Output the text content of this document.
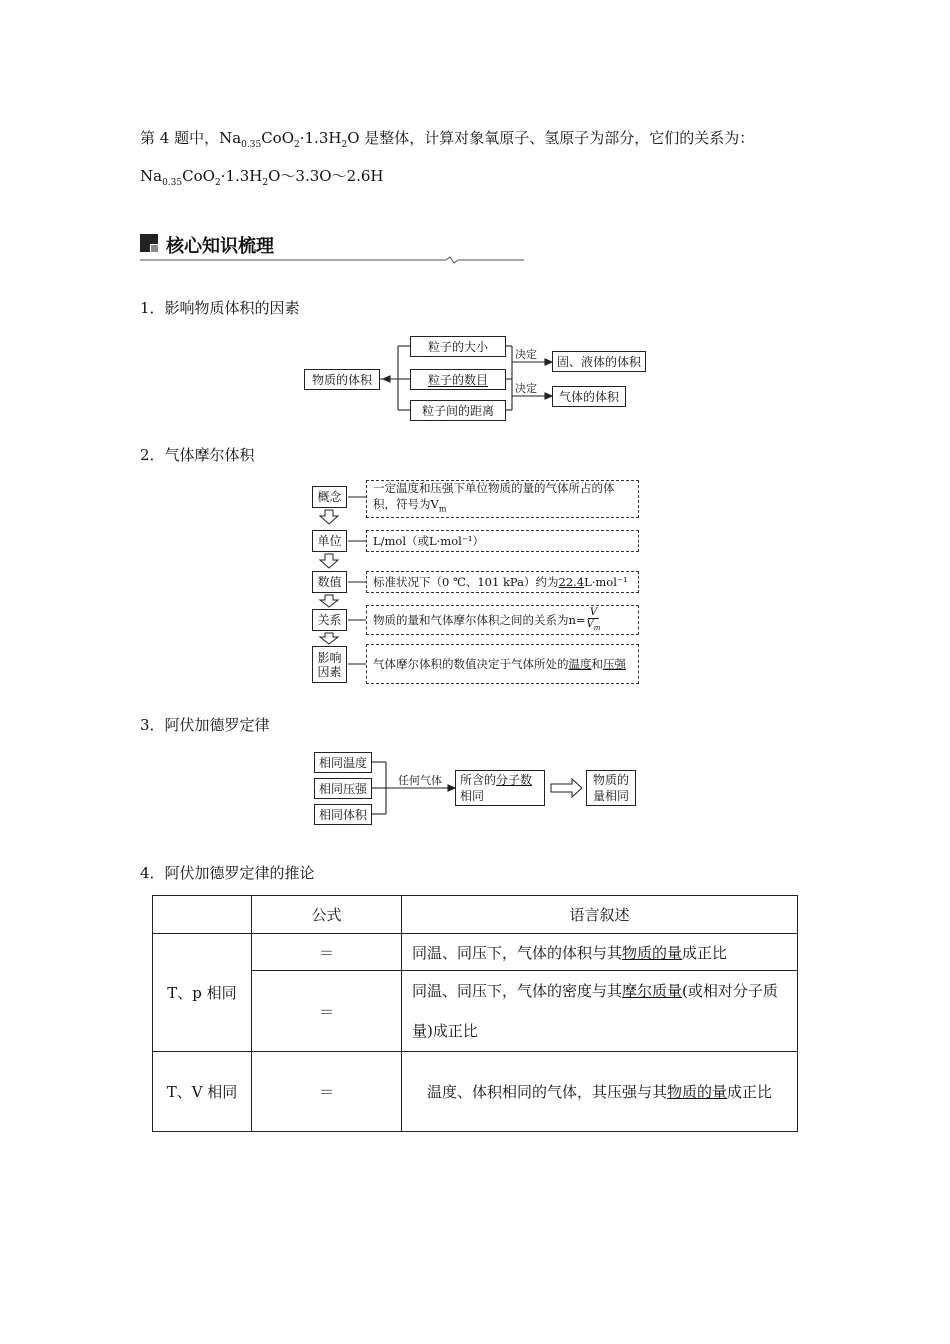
第 4 题中，$Na_{0.35}CoO_2\cdot 1.3H_2O$ 是整体，计算对象氧原子、氢原子为部分，它们的关系为：
$Na_{0.35}CoO_2\cdot 1.3H_2O\sim 3.3O\sim 2.6H$
核心知识梳理
1．影响物质体积的因素
物质的体积
粒子的大小
粒子的数目
粒子间的距离
决定
决定
固、液体的体积
气体的体积
2．气体摩尔体积
概念
单位
数值
关系
影响因素
一定温度和压强下单位物质的量的气体所占的体积，符号为$V_m$
L/mol（或L·mol⁻¹）
标准状况下（0 ℃、101 kPa）约为 22.4 L·mol⁻¹
物质的量和气体摩尔体积之间的关系为$n= \frac{V}{V_m}$
气体摩尔体积的数值决定于气体所处的温度和压强
3．阿伏加德罗定律
相同温度
相同压强
相同体积
任何气体 所含的分子数
相同
物质的量相同
4．阿伏加德罗定律的推论
	公式	语言叙述
T、p 相同	＝	同温、同压下，气体的体积与其物质的量成正比
	＝	同温、同压下，气体的密度与其摩尔质量(或相对分子质量)成正比
T、V 相同	＝	温度、体积相同的气体，其压强与其物质的量成正比
